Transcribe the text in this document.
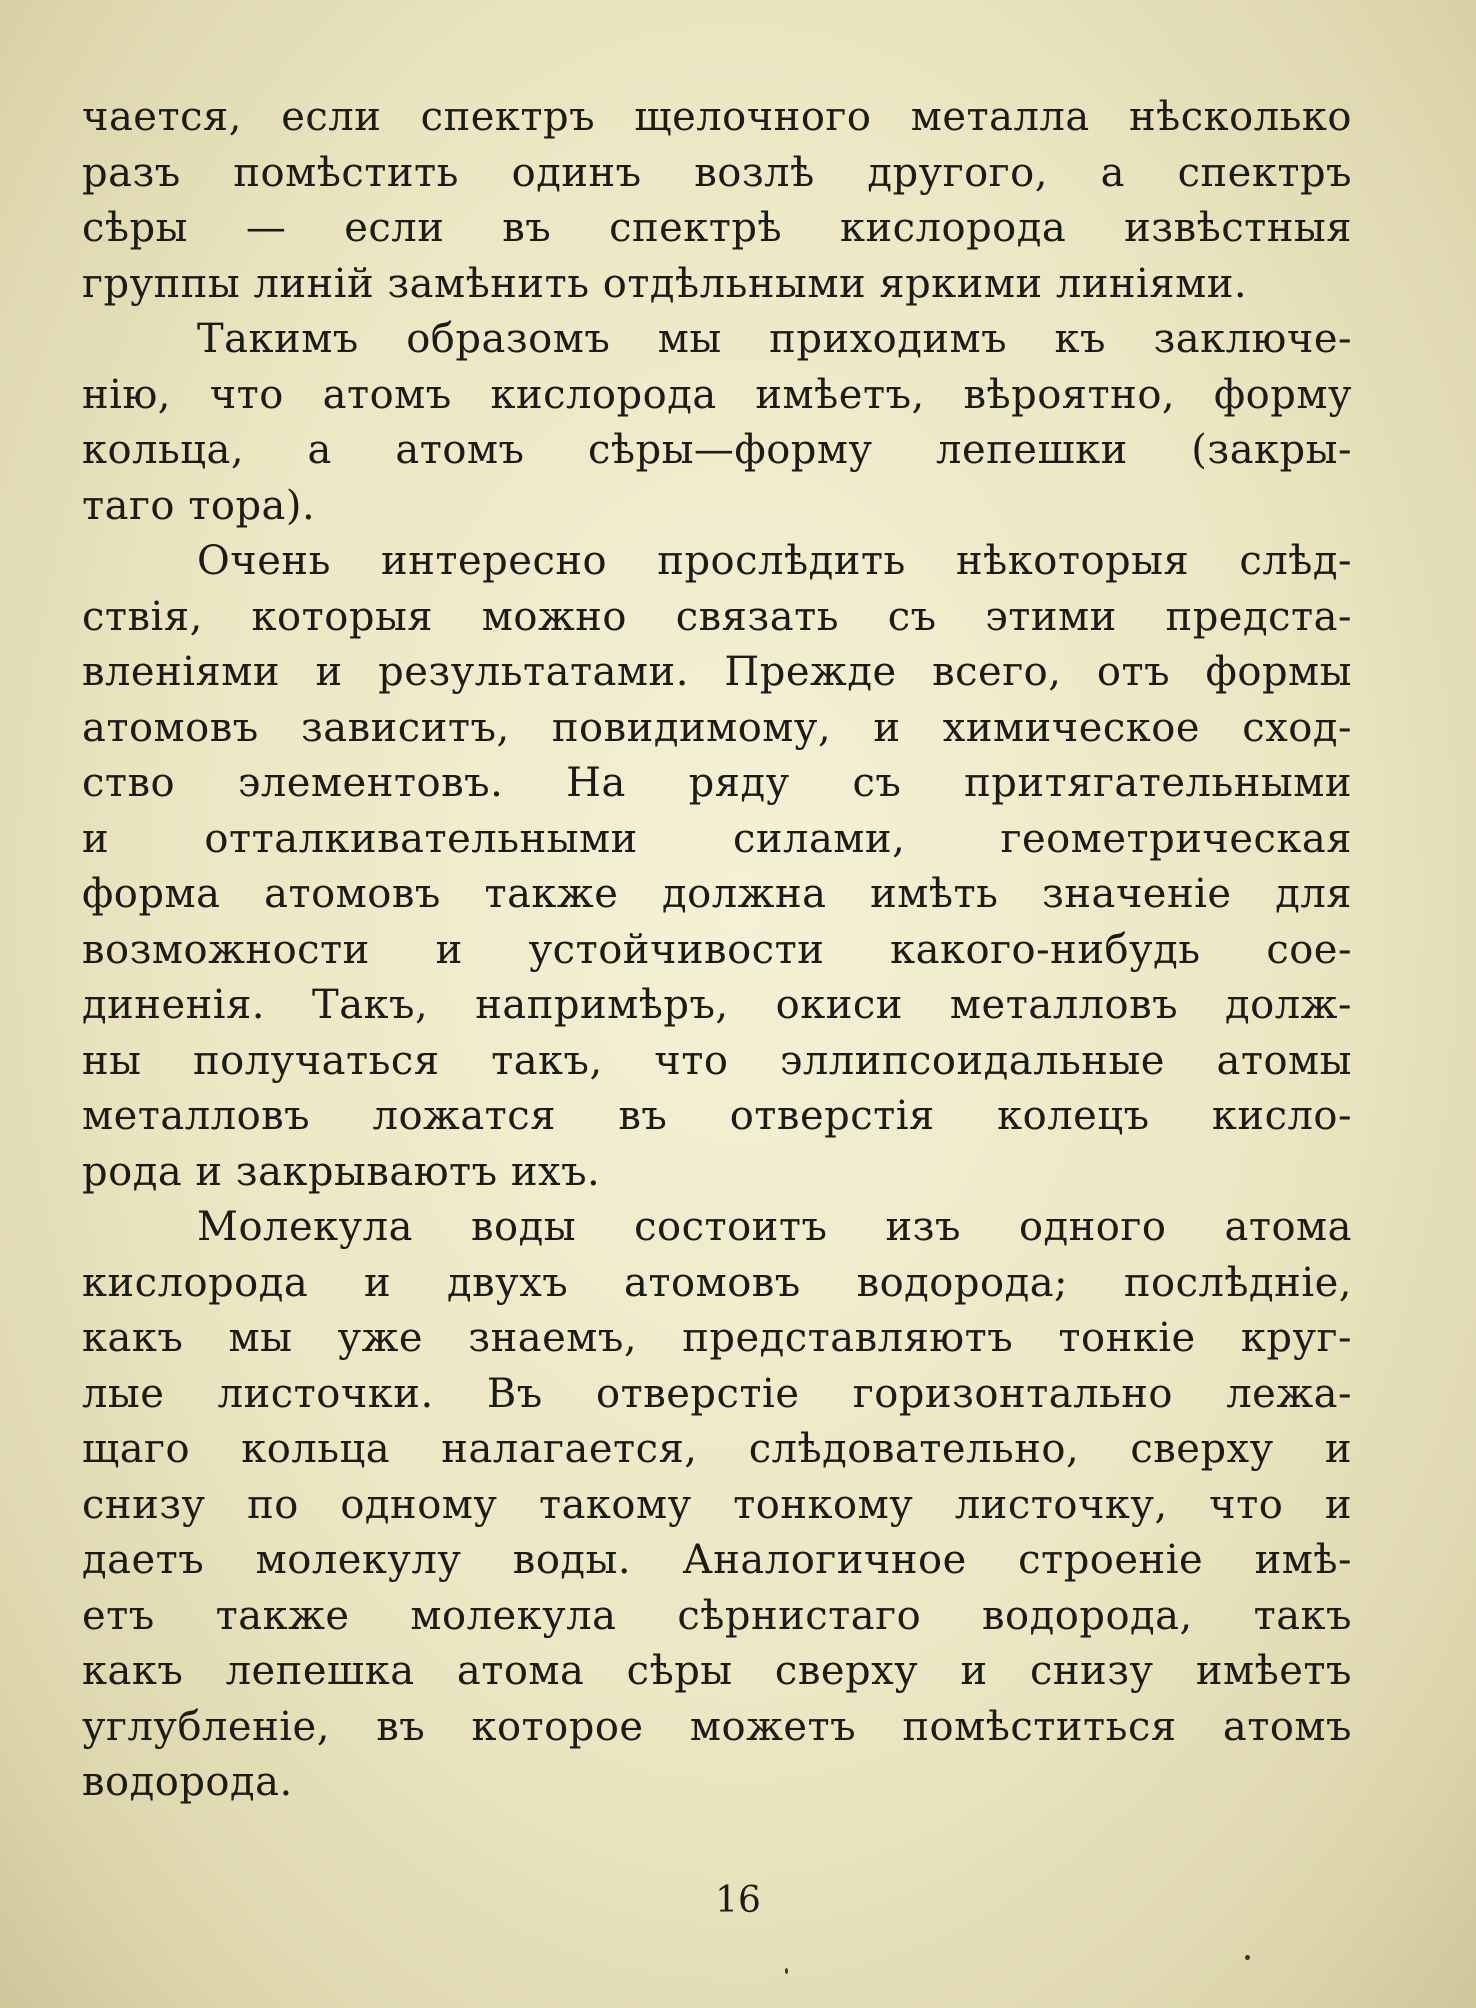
чается, если спектръ щелочного металла нѣсколько
разъ помѣстить одинъ возлѣ другого, а спектръ
сѣры — если въ спектрѣ кислорода извѣстныя
группы линій замѣнить отдѣльными яркими линіями.
Такимъ образомъ мы приходимъ къ заключе-
нію, что атомъ кислорода имѣетъ, вѣроятно, форму
кольца, а атомъ сѣры—форму лепешки (закры-
таго тора).
Очень интересно прослѣдить нѣкоторыя слѣд-
ствія, которыя можно связать съ этими предста-
вленіями и результатами. Прежде всего, отъ формы
атомовъ зависитъ, повидимому, и химическое сход-
ство элементовъ. На ряду съ притягательными
и отталкивательными силами, геометрическая
форма атомовъ также должна имѣть значеніе для
возможности и устойчивости какого-нибудь сое-
диненія. Такъ, напримѣръ, окиси металловъ долж-
ны получаться такъ, что эллипсоидальные атомы
металловъ ложатся въ отверстія колецъ кисло-
рода и закрываютъ ихъ.
Молекула воды состоитъ изъ одного атома
кислорода и двухъ атомовъ водорода; послѣдніе,
какъ мы уже знаемъ, представляютъ тонкіе круг-
лые листочки. Въ отверстіе горизонтально лежа-
щаго кольца налагается, слѣдовательно, сверху и
снизу по одному такому тонкому листочку, что и
даетъ молекулу воды. Аналогичное строеніе имѣ-
етъ также молекула сѣрнистаго водорода, такъ
какъ лепешка атома сѣры сверху и снизу имѣетъ
углубленіе, въ которое можетъ помѣститься атомъ
водорода.
16
